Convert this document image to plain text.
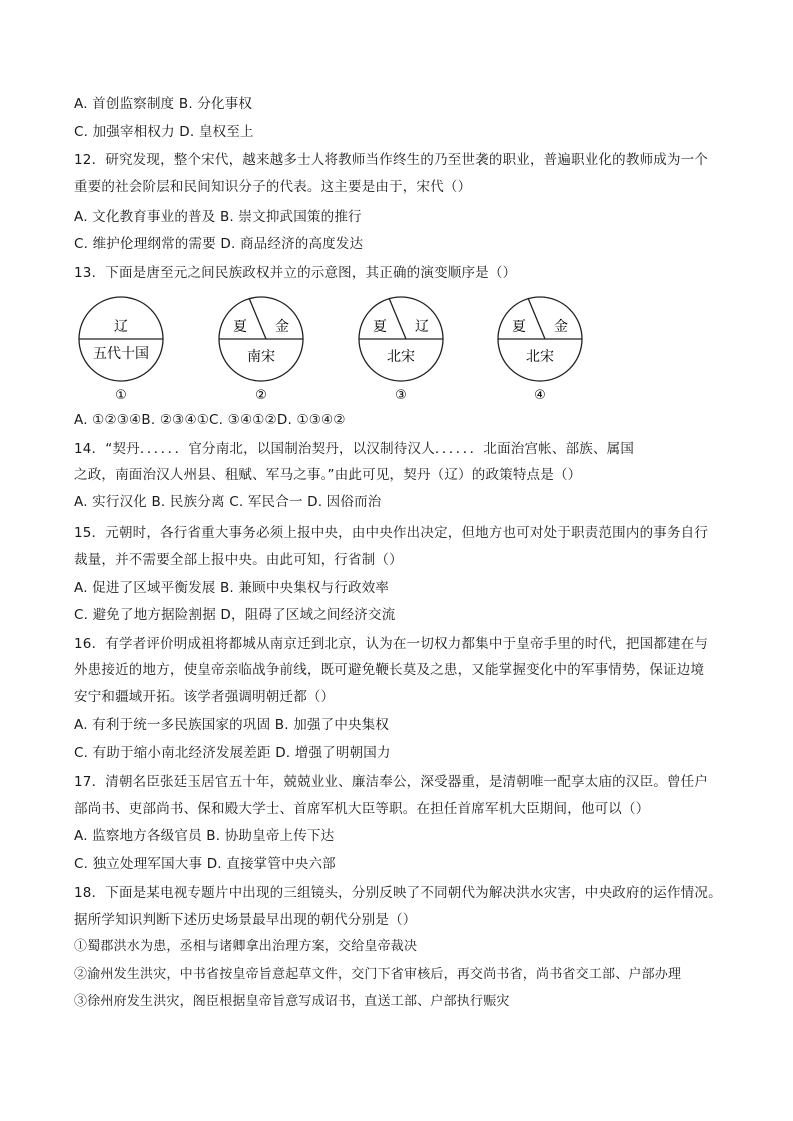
A. 首创监察制度 B. 分化事权
C. 加强宰相权力 D. 皇权至上
12．研究发现，整个宋代，越来越多士人将教师当作终生的乃至世袭的职业，普遍职业化的教师成为一个
重要的社会阶层和民间知识分子的代表。这主要是由于，宋代（）
A. 文化教育事业的普及 B. 崇文抑武国策的推行
C. 维护伦理纲常的需要 D. 商品经济的高度发达
13．下面是唐至元之间民族政权并立的示意图，其正确的演变顺序是（）
辽
五代十国
①
夏 金
南宋
②
夏 辽
北宋
③
夏 金
北宋
④
A. ①②③④B. ②③④①C. ③④①②D. ①③④②
14．“契丹．．．．．．官分南北，以国制治契丹，以汉制待汉人．．．．．．北面治宫帐、部族、属国
之政，南面治汉人州县、租赋、军马之事。”由此可见，契丹（辽）的政策特点是（）
A. 实行汉化 B. 民族分离 C. 军民合一 D. 因俗而治
15．元朝时，各行省重大事务必须上报中央，由中央作出决定，但地方也可对处于职责范围内的事务自行
裁量，并不需要全部上报中央。由此可知，行省制（）
A. 促进了区域平衡发展 B. 兼顾中央集权与行政效率
C. 避免了地方据险割据 D，阻碍了区域之间经济交流
16．有学者评价明成祖将都城从南京迁到北京，认为在一切权力都集中于皇帝手里的时代，把国都建在与
外患接近的地方，使皇帝亲临战争前线，既可避免鞭长莫及之患，又能掌握变化中的军事情势，保证边境
安宁和疆域开拓。该学者强调明朝迁都（）
A. 有利于统一多民族国家的巩固 B. 加强了中央集权
C. 有助于缩小南北经济发展差距 D. 增强了明朝国力
17．清朝名臣张廷玉居官五十年，兢兢业业、廉洁奉公，深受器重，是清朝唯一配享太庙的汉臣。曾任户
部尚书、吏部尚书、保和殿大学士、首席军机大臣等职。在担任首席军机大臣期间，他可以（）
A. 监察地方各级官员 B. 协助皇帝上传下达
C. 独立处理军国大事 D. 直接掌管中央六部
18．下面是某电视专题片中出现的三组镜头，分别反映了不同朝代为解决洪水灾害，中央政府的运作情况。
据所学知识判断下述历史场景最早出现的朝代分别是（）
①蜀郡洪水为患，丞相与诸卿拿出治理方案，交给皇帝裁决
②渝州发生洪灾，中书省按皇帝旨意起草文件，交门下省审核后，再交尚书省，尚书省交工部、户部办理
③徐州府发生洪灾，阁臣根据皇帝旨意写成诏书，直送工部、户部执行赈灾
